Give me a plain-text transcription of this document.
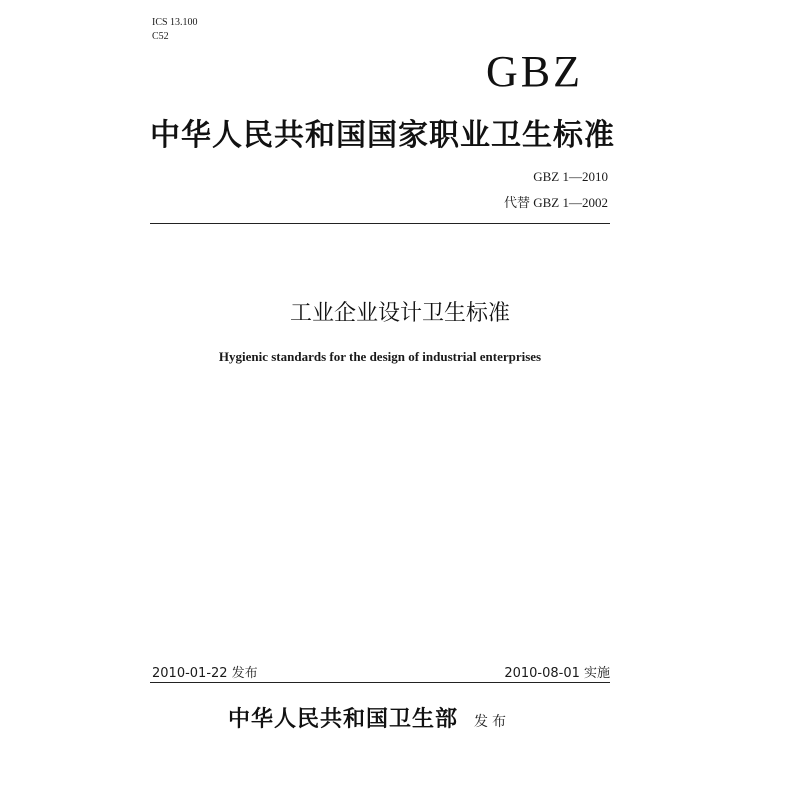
ICS 13.100
C52
GBZ
中华人民共和国国家职业卫生标准
GBZ 1—2010
代替 GBZ 1—2002
工业企业设计卫生标准
Hygienic standards for the design of industrial enterprises
2010-01-22 发布	2010-08-01 实施
中华人民共和国卫生部 发布
